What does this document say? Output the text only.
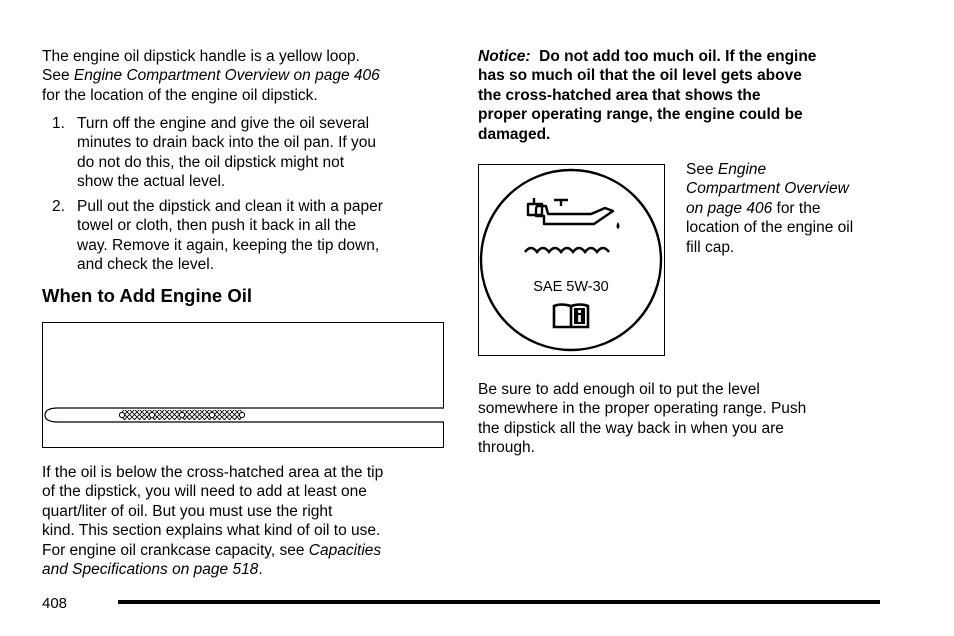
The engine oil dipstick handle is a yellow loop.

See Engine Compartment Overview on page 406

for the location of the engine oil dipstick.

1. Turn off the engine and give the oil several

minutes to drain back into the oil pan. If you

do not do this, the oil dipstick might not

show the actual level.

2. Pull out the dipstick and clean it with a paper

towel or cloth, then push it back in all the

way. Remove it again, keeping the tip down,

and check the level.

When to Add Engine Oil

If the oil is below the cross-hatched area at the tip

of the dipstick, you will need to add at least one

quart/liter of oil. But you must use the right

kind. This section explains what kind of oil to use.

For engine oil crankcase capacity, see Capacities

and Specifications on page 518.

Notice: Do not add too much oil. If the engine

has so much oil that the oil level gets above

the cross-hatched area that shows the

proper operating range, the engine could be

damaged.

SAE 5W-30

See Engine

Compartment Overview

on page 406 for the

location of the engine oil

fill cap.

Be sure to add enough oil to put the level

somewhere in the proper operating range. Push

the dipstick all the way back in when you are

through.

408
